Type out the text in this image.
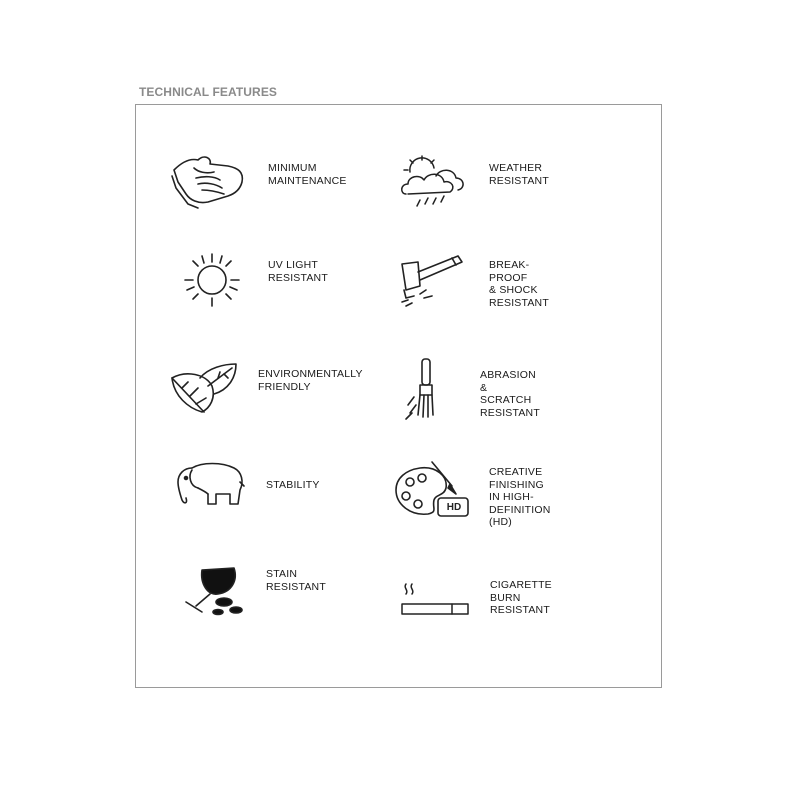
TECHNICAL FEATURES
MINIMUM
MAINTENANCE
WEATHER
RESISTANT
UV LIGHT
RESISTANT
BREAK-PROOF
& SHOCK
RESISTANT
ENVIRONMENTALLY
FRIENDLY
ABRASION
& SCRATCH
RESISTANT
STABILITY
HD
CREATIVE
FINISHING IN HIGH-
DEFINITION (HD)
STAIN
RESISTANT	CIGARETTE
BURN
RESISTANT
